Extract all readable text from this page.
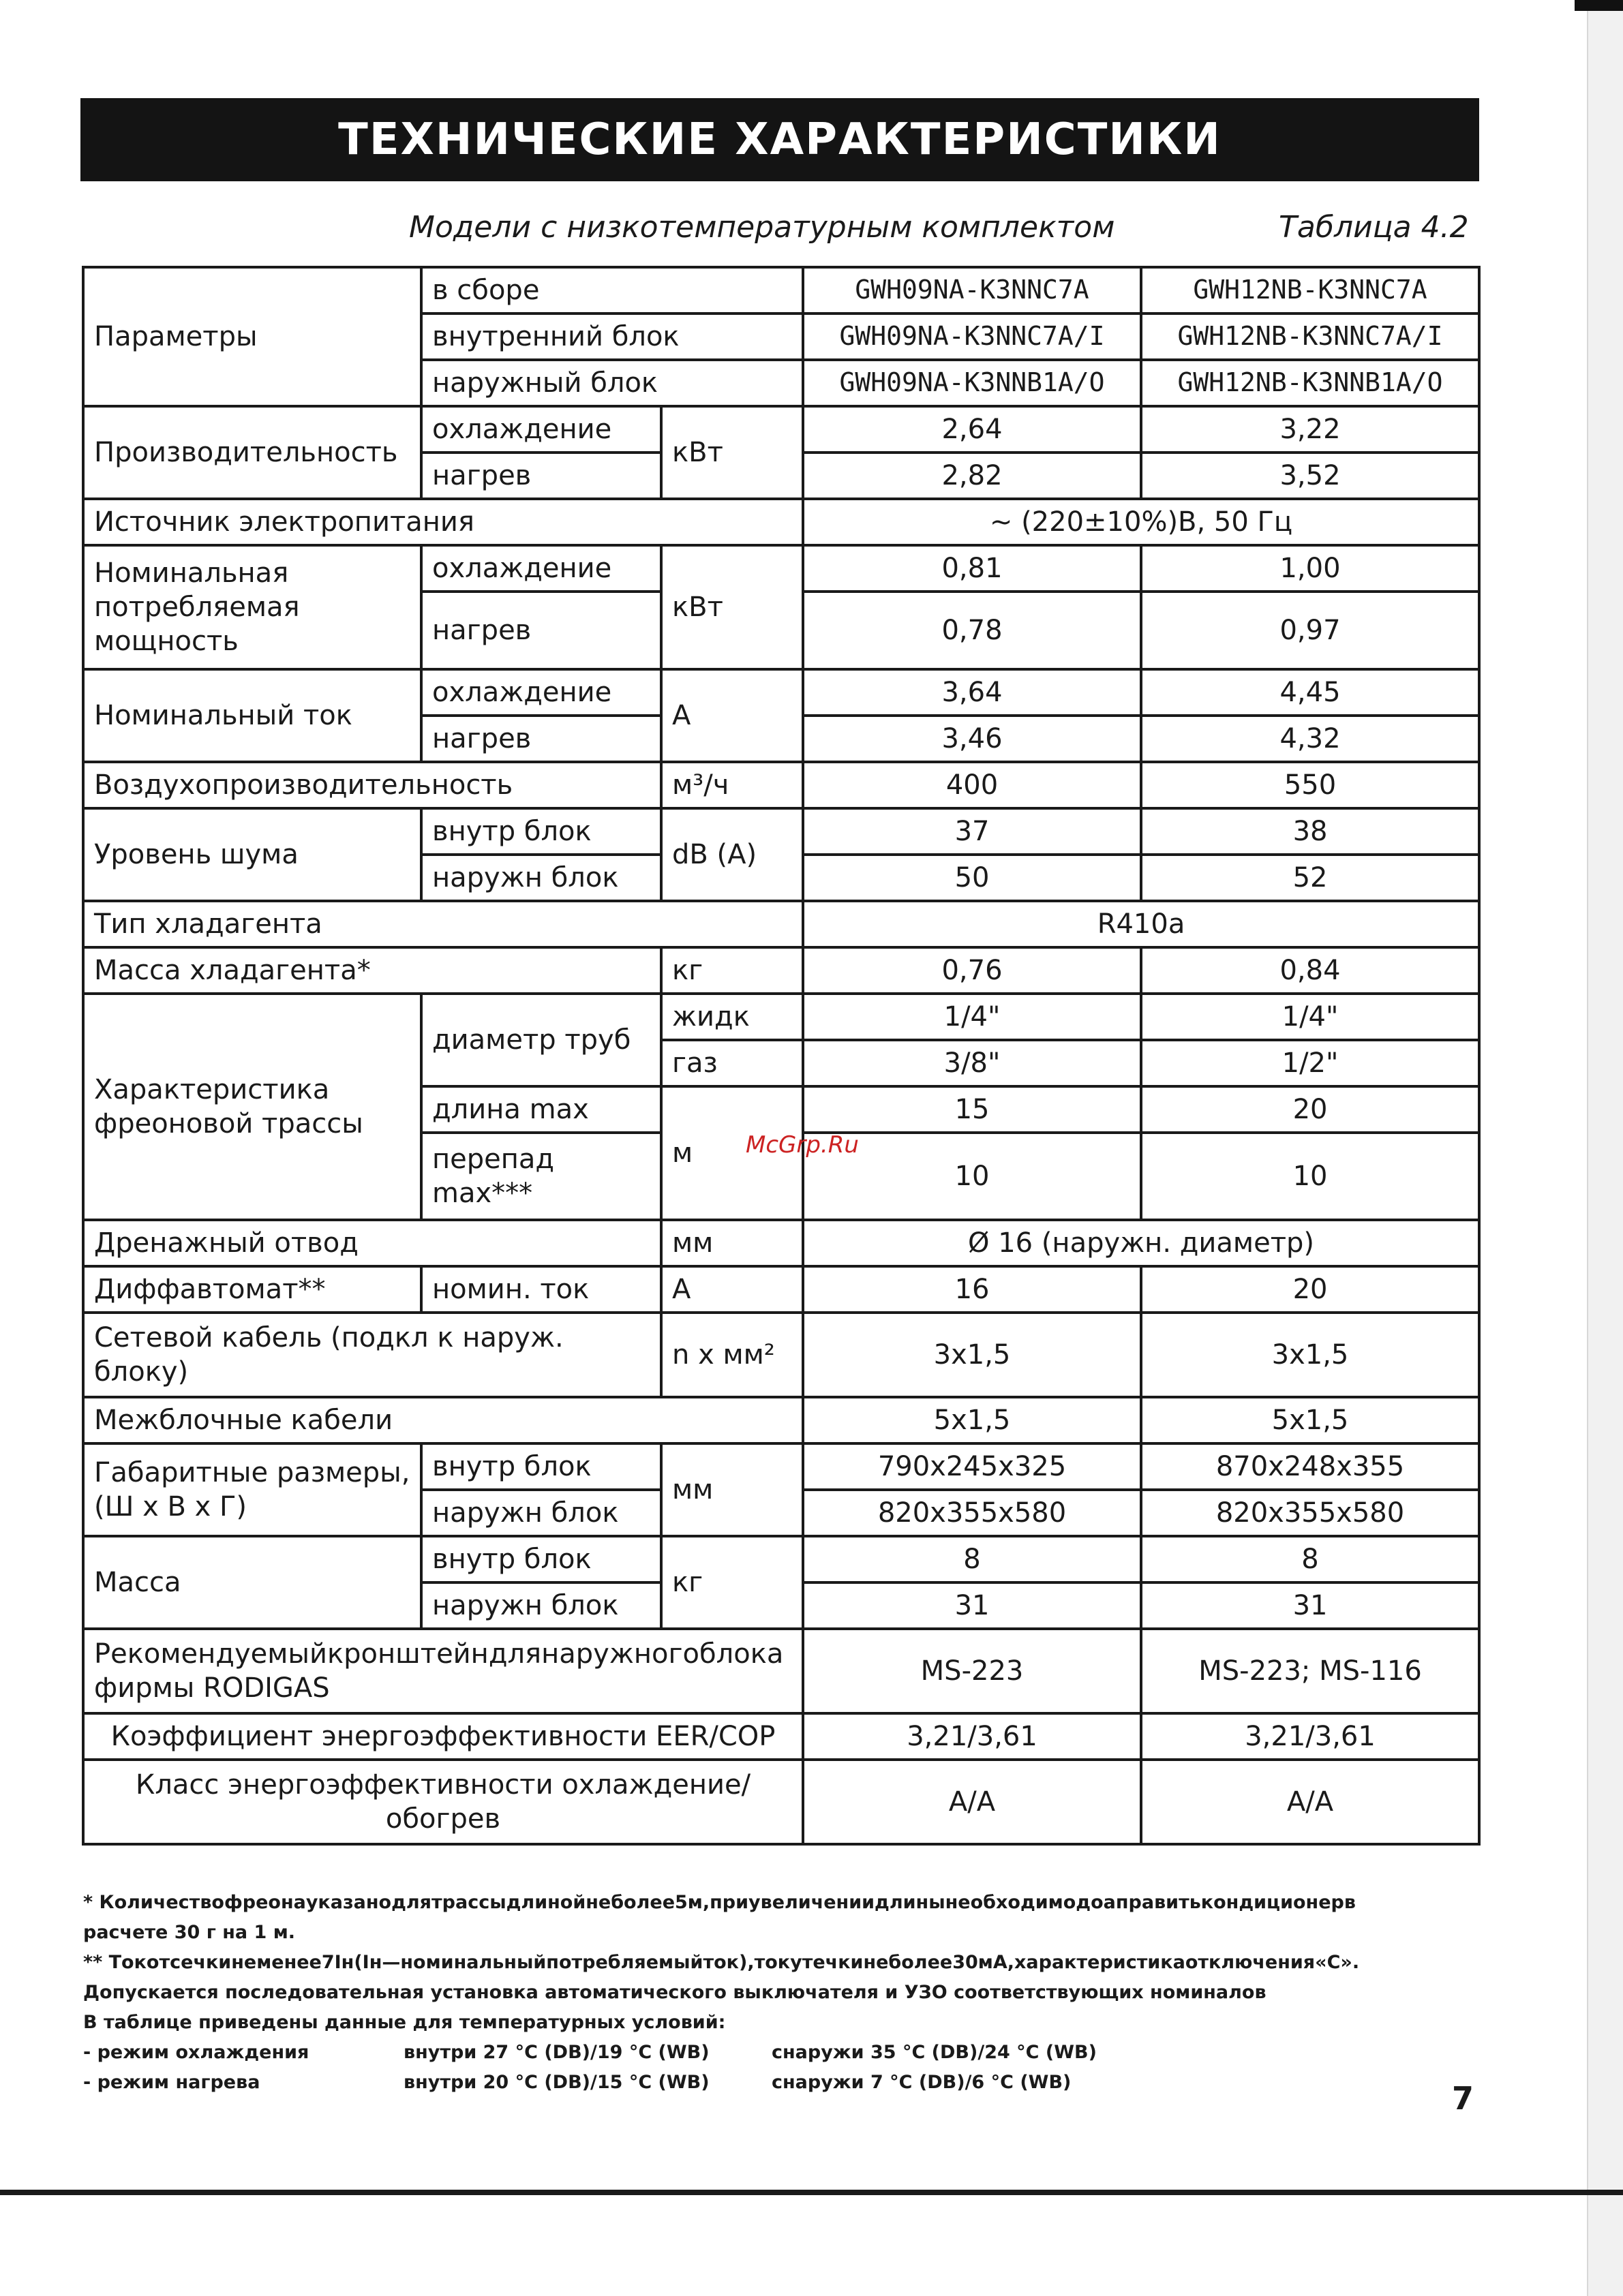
ТЕХНИЧЕСКИЕ ХАРАКТЕРИСТИКИ
Модели с низкотемпературным комплектом	Таблица 4.2
Параметры	в сборе		GWH09NA-K3NNC7A	GWH12NB-K3NNC7A
	внутренний блок		GWH09NA-K3NNC7A/I	GWH12NB-K3NNC7A/I
	наружный блок		GWH09NA-K3NNB1A/O	GWH12NB-K3NNB1A/O
Производительность	охлаждение	кВт	2,64	3,22
	нагрев		2,82	3,52
Источник электропитания			~ (220±10%)В, 50 Гц	
Номинальная потребляемая мощность	охлаждение	кВт	0,81	1,00
	нагрев		0,78	0,97
Номинальный ток	охлаждение	А	3,64	4,45
	нагрев		3,46	4,32
Воздухопроизводительность		м³/ч	400	550
Уровень шума	внутр блок	dB (A)	37	38
	наружн блок		50	52
Тип хладагента			R410a	
Масса хладагента*		кг	0,76	0,84
Характеристика фреоновой трассы	диаметр труб	жидк	1/4"	1/4"
		газ	3/8"	1/2"
	длина max	м	15	20
	перепад max***		10	10
Дренажный отвод		мм	Ø 16 (наружн. диаметр)	
Диффавтомат**	номин. ток	А	16	20
Сетевой кабель (подкл к наруж. блоку)		n x мм²	3x1,5	3x1,5
Межблочные кабели			5x1,5	5x1,5
Габаритные размеры, (Ш x В x Г)	внутр блок	мм	790x245x325	870x248x355
	наружн блок		820x355x580	820x355x580
Масса	внутр блок	кг	8	8
	наружн блок		31	31
Рекомендуемыйкронштейндлянаружногоблока фирмы RODIGAS			MS-223	MS-223; MS-116
Коэффициент энергоэффективности EER/COP			3,21/3,61	3,21/3,61
Класс энергоэффективности охлаждение/обогрев			A/A	A/A
* Количествофреонауказанодлятрассыдлинойнеболее5м,приувеличениидлинынеобходимодоаправитькондиционерв
расчете 30 г на 1 м.
** Токотсечкинеменее7Iн(Iн—номинальныйпотребляемыйток),токутечкинеболее30мА,характеристикаотключения«С».
Допускается последовательная установка автоматического выключателя и УЗО соответствующих номиналов
В таблице приведены данные для температурных условий:
- режим охлаждения	внутри 27 °С (DB)/19 °С (WB)	снаружи 35 °С (DB)/24 °С (WB)
- режим нагрева	внутри 20 °С (DB)/15 °С (WB)	снаружи 7 °С (DB)/6 °С (WB)	7
McGrp.Ru
